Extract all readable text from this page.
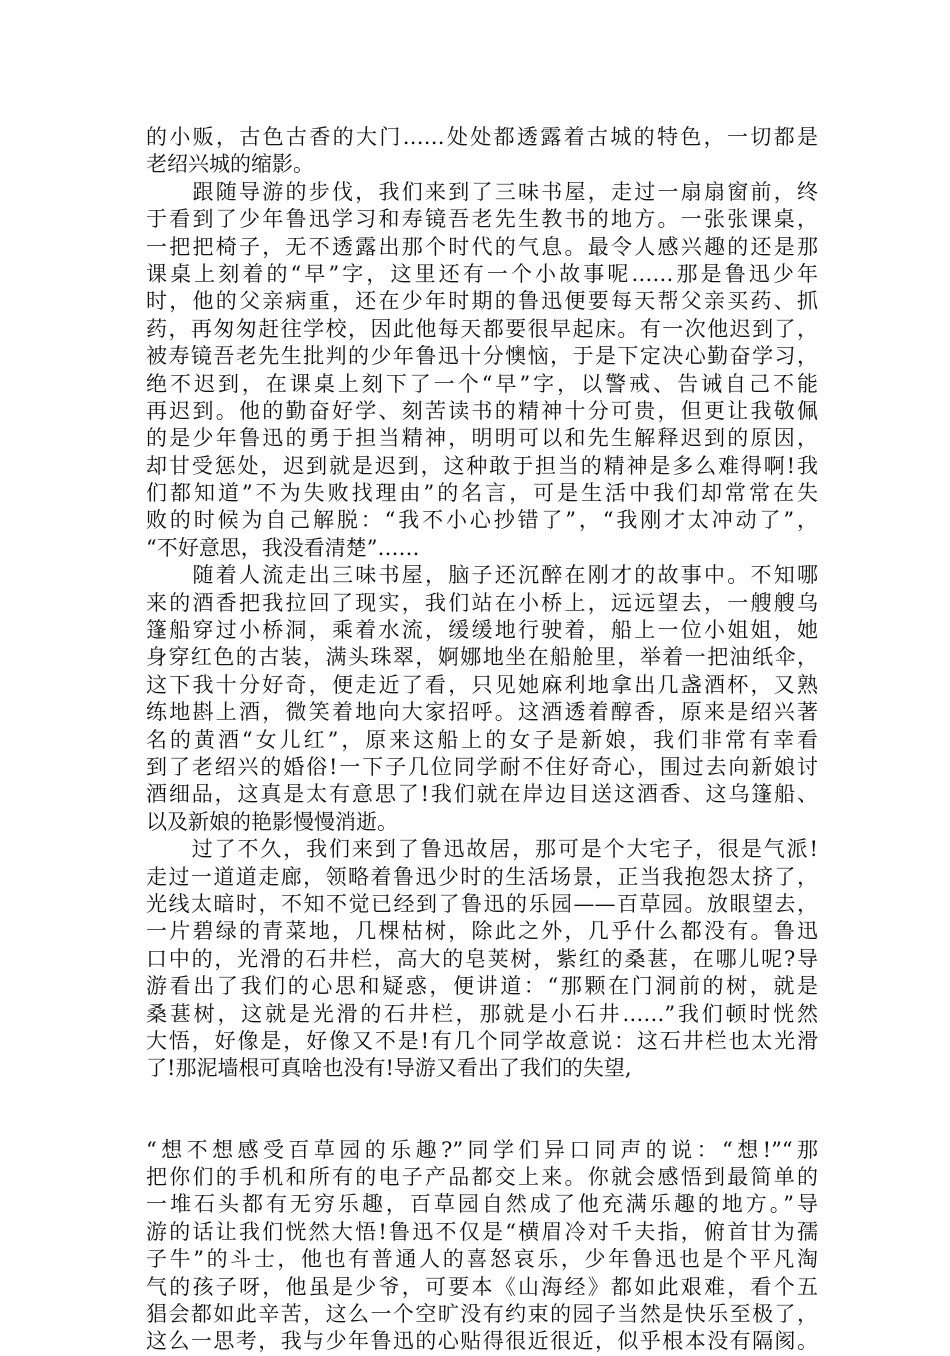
的小贩，古色古香的大门……处处都透露着古城的特色，一切都是
老绍兴城的缩影。
　　跟随导游的步伐，我们来到了三味书屋，走过一扇扇窗前，终
于看到了少年鲁迅学习和寿镜吾老先生教书的地方。一张张课桌，
一把把椅子，无不透露出那个时代的气息。最令人感兴趣的还是那
课桌上刻着的“早”字，这里还有一个小故事呢……那是鲁迅少年
时，他的父亲病重，还在少年时期的鲁迅便要每天帮父亲买药、抓
药，再匆匆赶往学校，因此他每天都要很早起床。有一次他迟到了，
被寿镜吾老先生批判的少年鲁迅十分懊恼，于是下定决心勤奋学习，
绝不迟到，在课桌上刻下了一个“早”字，以警戒、告诫自己不能
再迟到。他的勤奋好学、刻苦读书的精神十分可贵，但更让我敬佩
的是少年鲁迅的勇于担当精神，明明可以和先生解释迟到的原因，
却甘受惩处，迟到就是迟到，这种敢于担当的精神是多么难得啊!我
们都知道”不为失败找理由”的名言，可是生活中我们却常常在失
败的时候为自己解脱：“我不小心抄错了”，“我刚才太冲动了”，
“不好意思，我没看清楚”……
　　随着人流走出三味书屋，脑子还沉醉在刚才的故事中。不知哪
来的酒香把我拉回了现实，我们站在小桥上，远远望去，一艘艘乌
篷船穿过小桥洞，乘着水流，缓缓地行驶着，船上一位小姐姐，她
身穿红色的古装，满头珠翠，婀娜地坐在船舱里，举着一把油纸伞，
这下我十分好奇，便走近了看，只见她麻利地拿出几盏酒杯，又熟
练地斟上酒，微笑着地向大家招呼。这酒透着醇香，原来是绍兴著
名的黄酒“女儿红”，原来这船上的女子是新娘，我们非常有幸看
到了老绍兴的婚俗!一下子几位同学耐不住好奇心，围过去向新娘讨
酒细品，这真是太有意思了!我们就在岸边目送这酒香、这乌篷船、
以及新娘的艳影慢慢消逝。
　　过了不久，我们来到了鲁迅故居，那可是个大宅子，很是气派!
走过一道道走廊，领略着鲁迅少时的生活场景，正当我抱怨太挤了，
光线太暗时，不知不觉已经到了鲁迅的乐园——百草园。放眼望去，
一片碧绿的青菜地，几棵枯树，除此之外，几乎什么都没有。鲁迅
口中的，光滑的石井栏，高大的皂荚树，紫红的桑葚，在哪儿呢?导
游看出了我们的心思和疑惑，便讲道：“那颗在门洞前的树，就是
桑葚树，这就是光滑的石井栏，那就是小石井……”我们顿时恍然
大悟，好像是，好像又不是!有几个同学故意说：这石井栏也太光滑
了!那泥墙根可真啥也没有!导游又看出了我们的失望,
“想不想感受百草园的乐趣?”同学们异口同声的说：“想!”“那
把你们的手机和所有的电子产品都交上来。你就会感悟到最简单的
一堆石头都有无穷乐趣，百草园自然成了他充满乐趣的地方。”导
游的话让我们恍然大悟!鲁迅不仅是“横眉冷对千夫指，俯首甘为孺
子牛”的斗士，他也有普通人的喜怒哀乐，少年鲁迅也是个平凡淘
气的孩子呀，他虽是少爷，可要本《山海经》都如此艰难，看个五
猖会都如此辛苦，这么一个空旷没有约束的园子当然是快乐至极了，
这么一思考，我与少年鲁迅的心贴得很近很近，似乎根本没有隔阂。
